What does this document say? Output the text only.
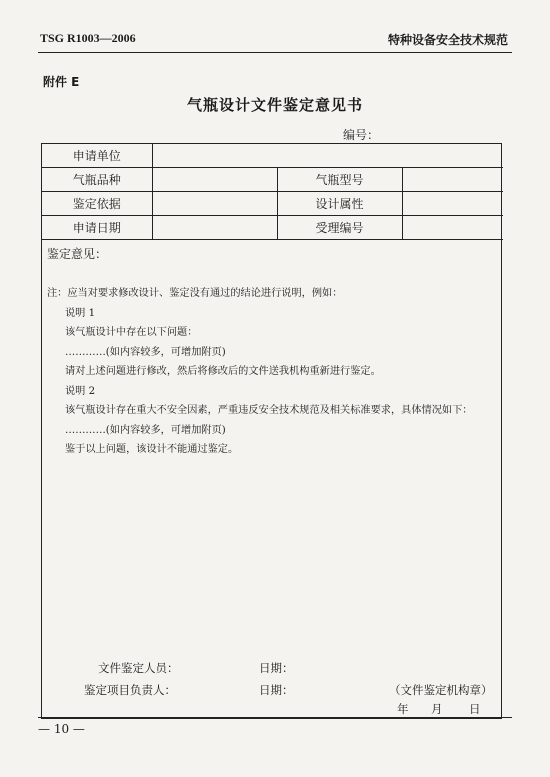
TSG R1003—2006	特种设备安全技术规范
附件 E
气瓶设计文件鉴定意见书
编号：
申请单位			
气瓶品种		气瓶型号	
鉴定依据		设计属性	
申请日期		受理编号	
鉴定意见：
注：应当对要求修改设计、鉴定没有通过的结论进行说明，例如：
说明 1
该气瓶设计中存在以下问题：
…………(如内容较多，可增加附页)
请对上述问题进行修改，然后将修改后的文件送我机构重新进行鉴定。
说明 2
该气瓶设计存在重大不安全因素，严重违反安全技术规范及相关标准要求，具体情况如下：
…………(如内容较多，可增加附页)
鉴于以上问题，该设计不能通过鉴定。
文件鉴定人员：	日期：
鉴定项目负责人：	日期：	（文件鉴定机构章）
年 月 日
— 10 —
